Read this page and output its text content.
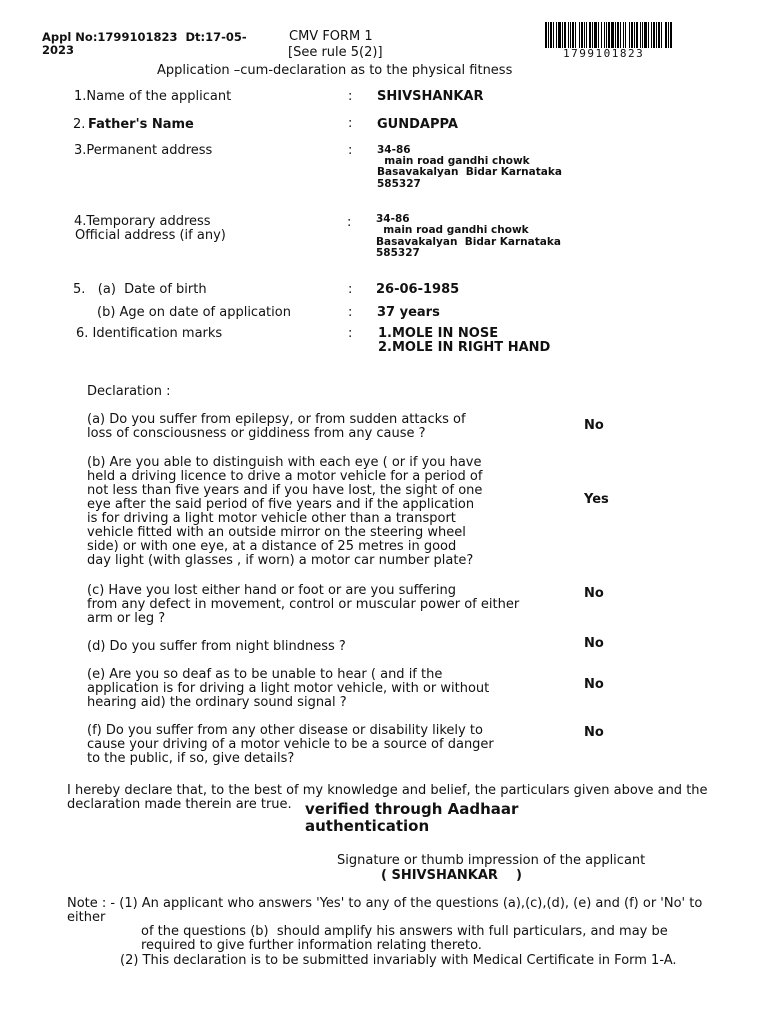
Appl No:1799101823  Dt:17-05-
2023
CMV FORM 1
[See rule 5(2)]
Application –cum-declaration as to the physical fitness
1799101823
1.Name of the applicant	: SHIVSHANKAR
2. Father's Name	: GUNDAPPA
3.Permanent address	: 34-86
main road gandhi chowk
Basavakalyan  Bidar Karnataka
585327
4.Temporary address
Official address (if any)
: 34-86
main road gandhi chowk
Basavakalyan  Bidar Karnataka
585327
5.   (a)  Date of birth	: 26-06-1985
(b) Age on date of application	: 37 years
6. Identification marks	: 1.MOLE IN NOSE
2.MOLE IN RIGHT HAND
Declaration :
(a) Do you suffer from epilepsy, or from sudden attacks of
loss of consciousness or giddiness from any cause ?
No
(b) Are you able to distinguish with each eye ( or if you have
held a driving licence to drive a motor vehicle for a period of
not less than five years and if you have lost, the sight of one
eye after the said period of five years and if the application
is for driving a light motor vehicle other than a transport
vehicle fitted with an outside mirror on the steering wheel
side) or with one eye, at a distance of 25 metres in good
day light (with glasses , if worn) a motor car number plate?
Yes
(c) Have you lost either hand or foot or are you suffering
from any defect in movement, control or muscular power of either
arm or leg ?
No
(d) Do you suffer from night blindness ?	No
(e) Are you so deaf as to be unable to hear ( and if the
application is for driving a light motor vehicle, with or without
hearing aid) the ordinary sound signal ?
No
(f) Do you suffer from any other disease or disability likely to
cause your driving of a motor vehicle to be a source of danger
to the public, if so, give details?
No
I hereby declare that, to the best of my knowledge and belief, the particulars given above and the
declaration made therein are true. verified through Aadhaar
authentication
Signature or thumb impression of the applicant
( SHIVSHANKAR    )
Note : - (1) An applicant who answers 'Yes' to any of the questions (a),(c),(d), (e) and (f) or 'No' to
either
of the questions (b)  should amplify his answers with full particulars, and may be
required to give further information relating thereto.
(2) This declaration is to be submitted invariably with Medical Certificate in Form 1-A.
